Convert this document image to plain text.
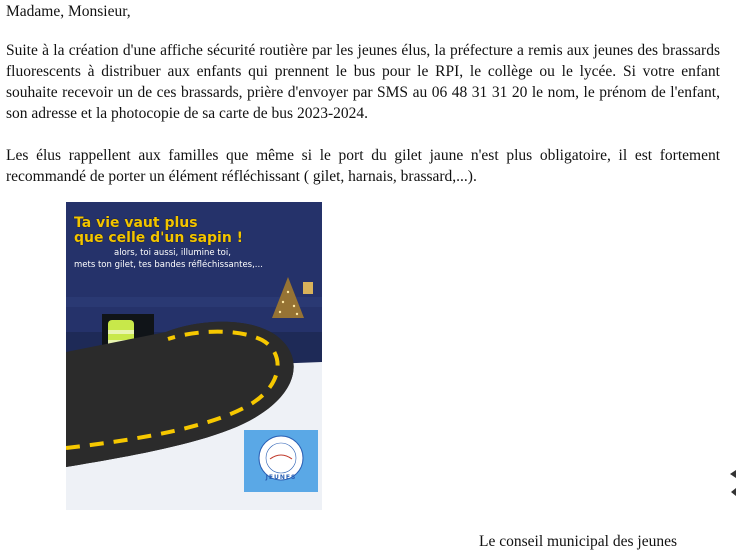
Madame, Monsieur,
Suite à la création d'une affiche sécurité routière par les jeunes élus, la préfecture a remis aux jeunes des brassards fluorescents à distribuer aux enfants qui prennent le bus pour le RPI, le collège ou le lycée. Si votre enfant souhaite recevoir un de ces brassards, prière d'envoyer par SMS au 06 48 31 31 20 le nom, le prénom de l'enfant, son adresse et la photocopie de sa carte de bus 2023-2024.
Les élus rappellent aux familles que même si le port du gilet jaune n'est plus obligatoire, il est fortement recommandé de porter un élément réfléchissant ( gilet, harnais, brassard,...).
Le conseil municipal des jeunes
Ta vie vaut plus
que celle d'un sapin !
alors, toi aussi, illumine toi,
mets ton gilet, tes bandes réfléchissantes,...
JEUNES
